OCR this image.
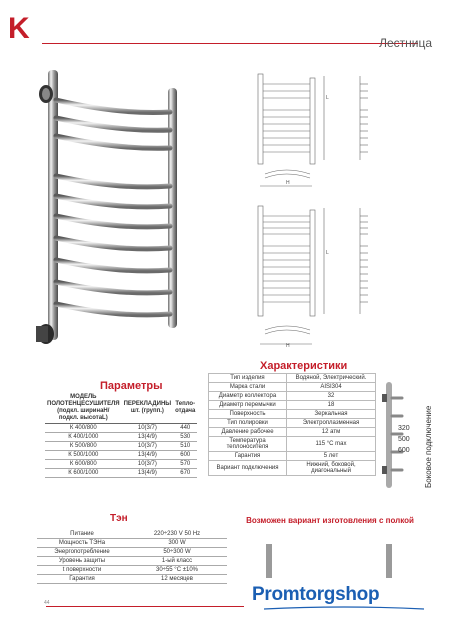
K	Лестница
L
H
L
H
Параметры
МОДЕЛЬ ПОЛОТЕНЦЕСУШИТЕЛЯ (подкл. ширинаН/ подкл. высотаL)	ПЕРЕКЛАДИНЫ шт. (групп.)	Тепло-отдача
К 400/800	10(3/7)	440
К 400/1000	13(4/9)	530
К 500/800	10(3/7)	510
К 500/1000	13(4/9)	600
К 600/800	10(3/7)	570
К 600/1000	13(4/9)	670
Характеристики
Тип изделия	Водяной, Электрический.
Марка стали	AISI304
Диаметр коллектора	32
Диаметр перемычки	18
Поверхность	Зеркальная
Тип полировки	Электроплазменная
Давление рабочее	12 атм
Температура теплоносителя	115 °С max
Гарантия	5 лет
Вариант подключения	Нижний, боковой, диагональный
320
500
600 Боковое подключение
Тэн
Питание	220÷230 V 50 Hz
Мощность ТЭНа	300 W
Энергопотребление	50÷300 W
Уровень защиты	1-ый класс
t поверхности	30÷55 °С ±10%
Гарантия	12 месяцев
Возможен вариант изготовления с полкой
44	Promtorgshop
